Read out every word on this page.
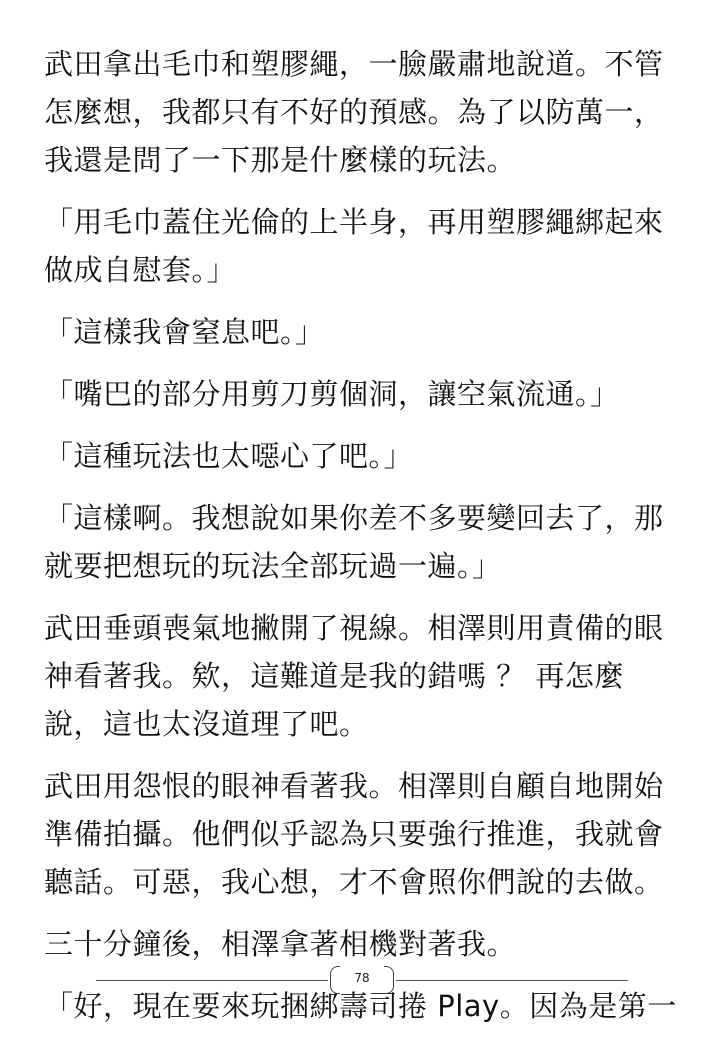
武田拿出毛巾和塑膠繩，一臉嚴肅地說道。不管
怎麼想，我都只有不好的預感。為了以防萬一，
我還是問了一下那是什麼樣的玩法。

「用毛巾蓋住光倫的上半身，再用塑膠繩綁起來
做成自慰套。」

「這樣我會窒息吧。」

「嘴巴的部分用剪刀剪個洞，讓空氣流通。」

「這種玩法也太噁心了吧。」

「這樣啊。我想說如果你差不多要變回去了，那
就要把想玩的玩法全部玩過一遍。」

武田垂頭喪氣地撇開了視線。相澤則用責備的眼
神看著我。欸，這難道是我的錯嗎 ？ 再怎麼
說，這也太沒道理了吧。

武田用怨恨的眼神看著我。相澤則自顧自地開始
準備拍攝。他們似乎認為只要強行推進，我就會
聽話。可惡，我心想，才不會照你們說的去做。

三十分鐘後，相澤拿著相機對著我。

「好，現在要來玩捆綁壽司捲 Play。因為是第一

78
